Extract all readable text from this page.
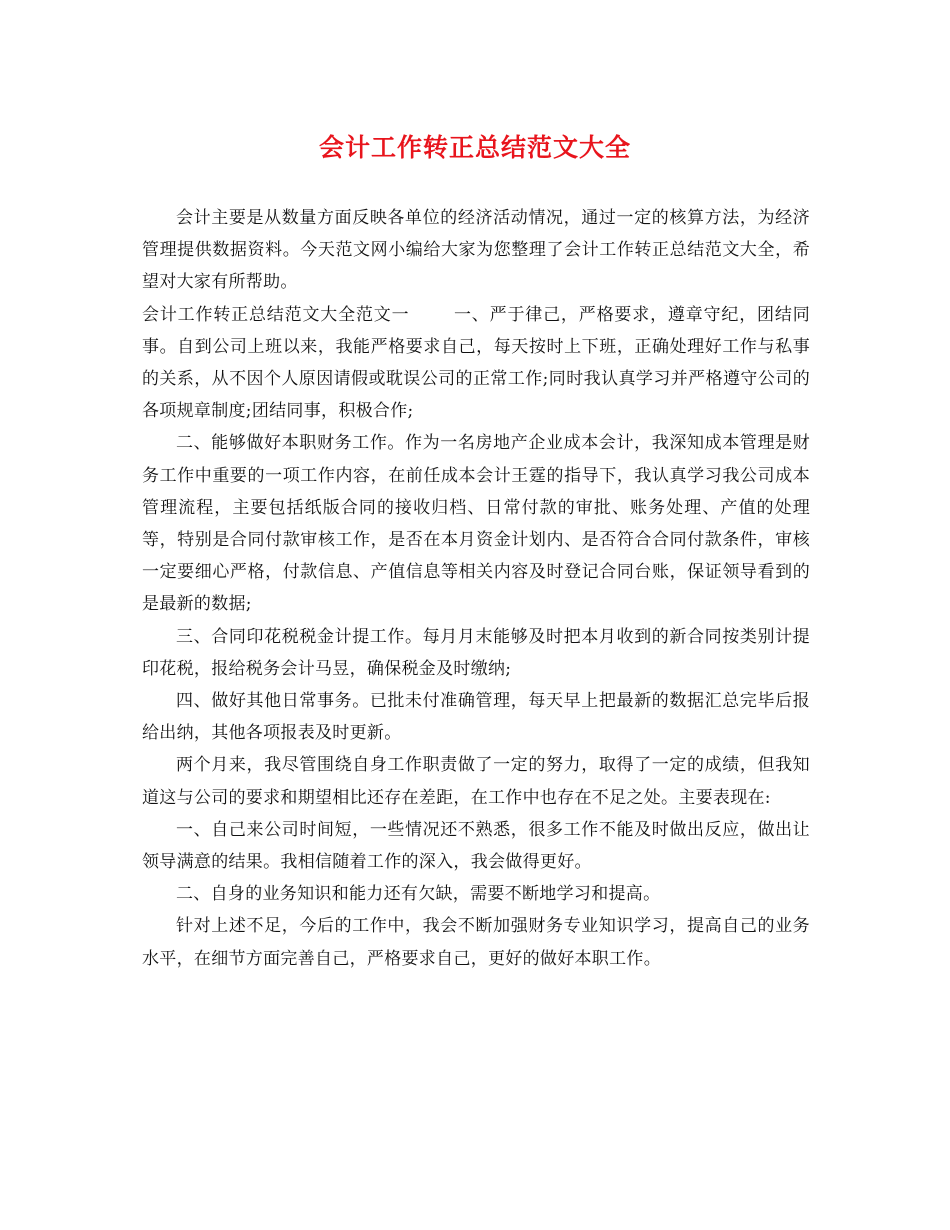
会计工作转正总结范文大全

会计主要是从数量方面反映各单位的经济活动情况，通过一定的核算方法，为经济管理提供数据资料。今天范文网小编给大家为您整理了会计工作转正总结范文大全，希望对大家有所帮助。

会计工作转正总结范文大全范文一	一、严于律己，严格要求，遵章守纪，团结同事。自到公司上班以来，我能严格要求自己，每天按时上下班，正确处理好工作与私事的关系，从不因个人原因请假或耽误公司的正常工作;同时我认真学习并严格遵守公司的各项规章制度;团结同事，积极合作;

二、能够做好本职财务工作。作为一名房地产企业成本会计，我深知成本管理是财务工作中重要的一项工作内容，在前任成本会计王霆的指导下，我认真学习我公司成本管理流程，主要包括纸版合同的接收归档、日常付款的审批、账务处理、产值的处理等，特别是合同付款审核工作，是否在本月资金计划内、是否符合合同付款条件，审核一定要细心严格，付款信息、产值信息等相关内容及时登记合同台账，保证领导看到的是最新的数据;

三、合同印花税税金计提工作。每月月末能够及时把本月收到的新合同按类别计提印花税，报给税务会计马昱，确保税金及时缴纳;

四、做好其他日常事务。已批未付准确管理，每天早上把最新的数据汇总完毕后报给出纳，其他各项报表及时更新。

两个月来，我尽管围绕自身工作职责做了一定的努力，取得了一定的成绩，但我知道这与公司的要求和期望相比还存在差距，在工作中也存在不足之处。主要表现在:

一、自己来公司时间短，一些情况还不熟悉，很多工作不能及时做出反应，做出让领导满意的结果。我相信随着工作的深入，我会做得更好。

二、自身的业务知识和能力还有欠缺，需要不断地学习和提高。

针对上述不足，今后的工作中，我会不断加强财务专业知识学习，提高自己的业务水平，在细节方面完善自己，严格要求自己，更好的做好本职工作。
